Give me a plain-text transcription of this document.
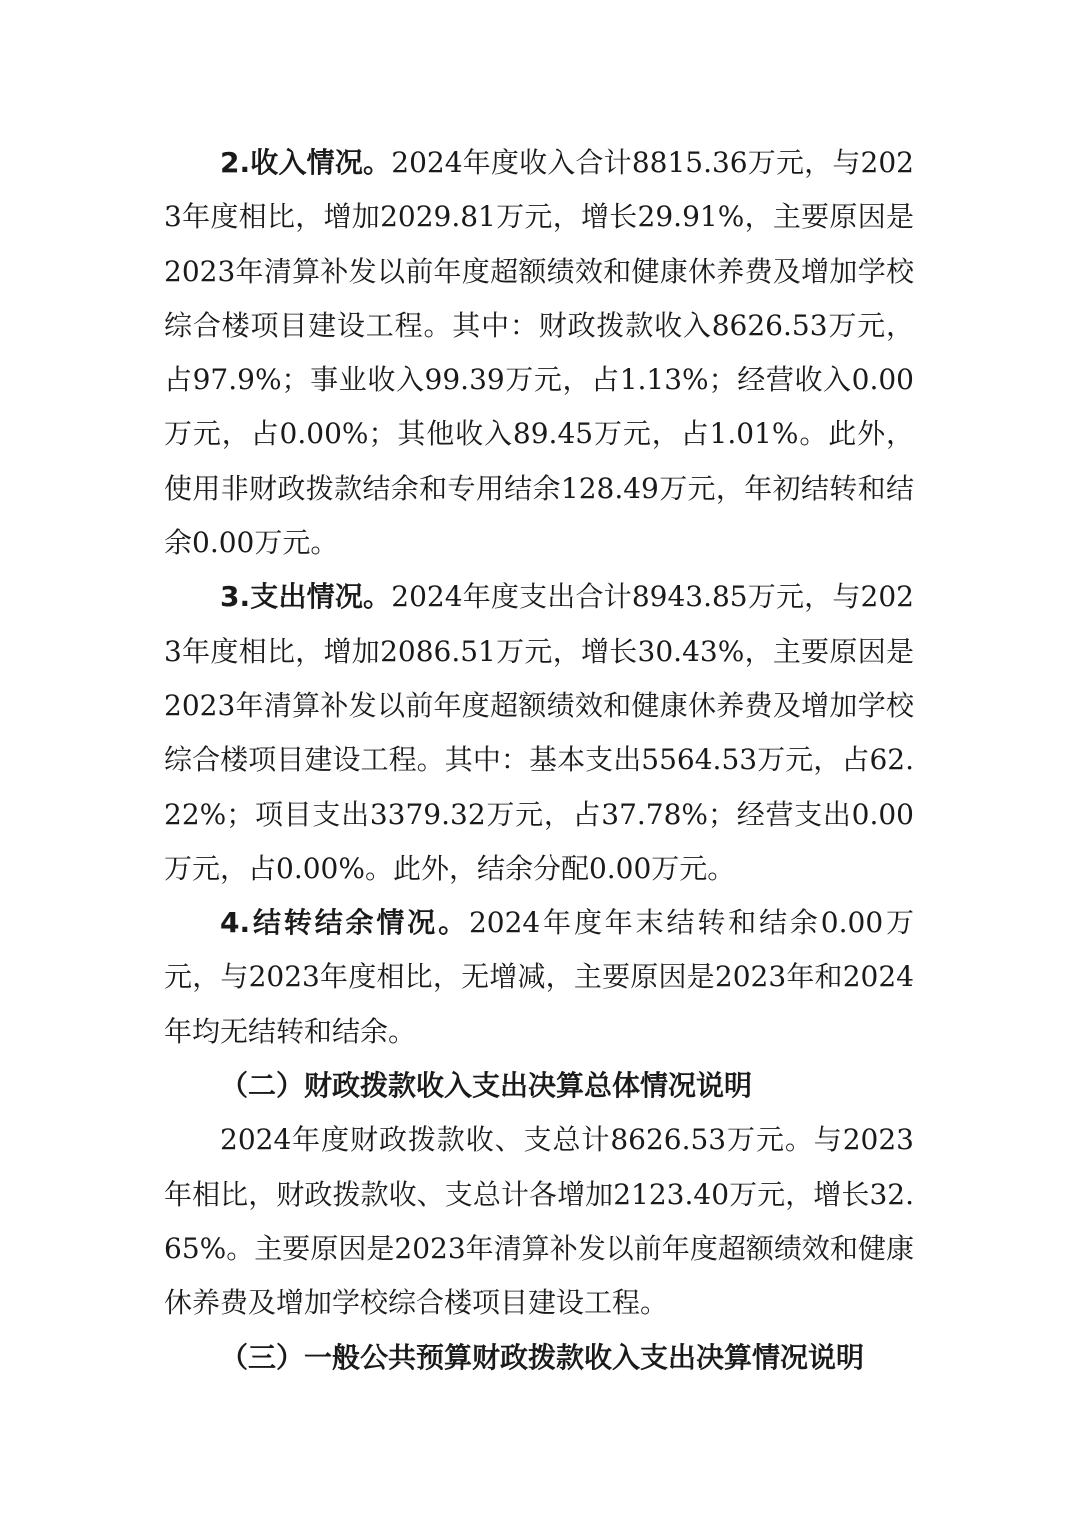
2.收入情况。2024年度收入合计8815.36万元，与2023年度相比，增加2029.81万元，增长29.91%，主要原因是2023年清算补发以前年度超额绩效和健康休养费及增加学校综合楼项目建设工程。其中：财政拨款收入8626.53万元，占97.9%；事业收入99.39万元，占1.13%；经营收入0.00万元，占0.00%；其他收入89.45万元，占1.01%。此外，使用非财政拨款结余和专用结余128.49万元，年初结转和结余0.00万元。

3.支出情况。2024年度支出合计8943.85万元，与2023年度相比，增加2086.51万元，增长30.43%，主要原因是2023年清算补发以前年度超额绩效和健康休养费及增加学校综合楼项目建设工程。其中：基本支出5564.53万元，占62.22%；项目支出3379.32万元，占37.78%；经营支出0.00万元，占0.00%。此外，结余分配0.00万元。

4.结转结余情况。2024年度年末结转和结余0.00万元，与2023年度相比，无增减，主要原因是2023年和2024年均无结转和结余。

（二）财政拨款收入支出决算总体情况说明

2024年度财政拨款收、支总计8626.53万元。与2023年相比，财政拨款收、支总计各增加2123.40万元，增长32.65%。主要原因是2023年清算补发以前年度超额绩效和健康休养费及增加学校综合楼项目建设工程。

（三）一般公共预算财政拨款收入支出决算情况说明
